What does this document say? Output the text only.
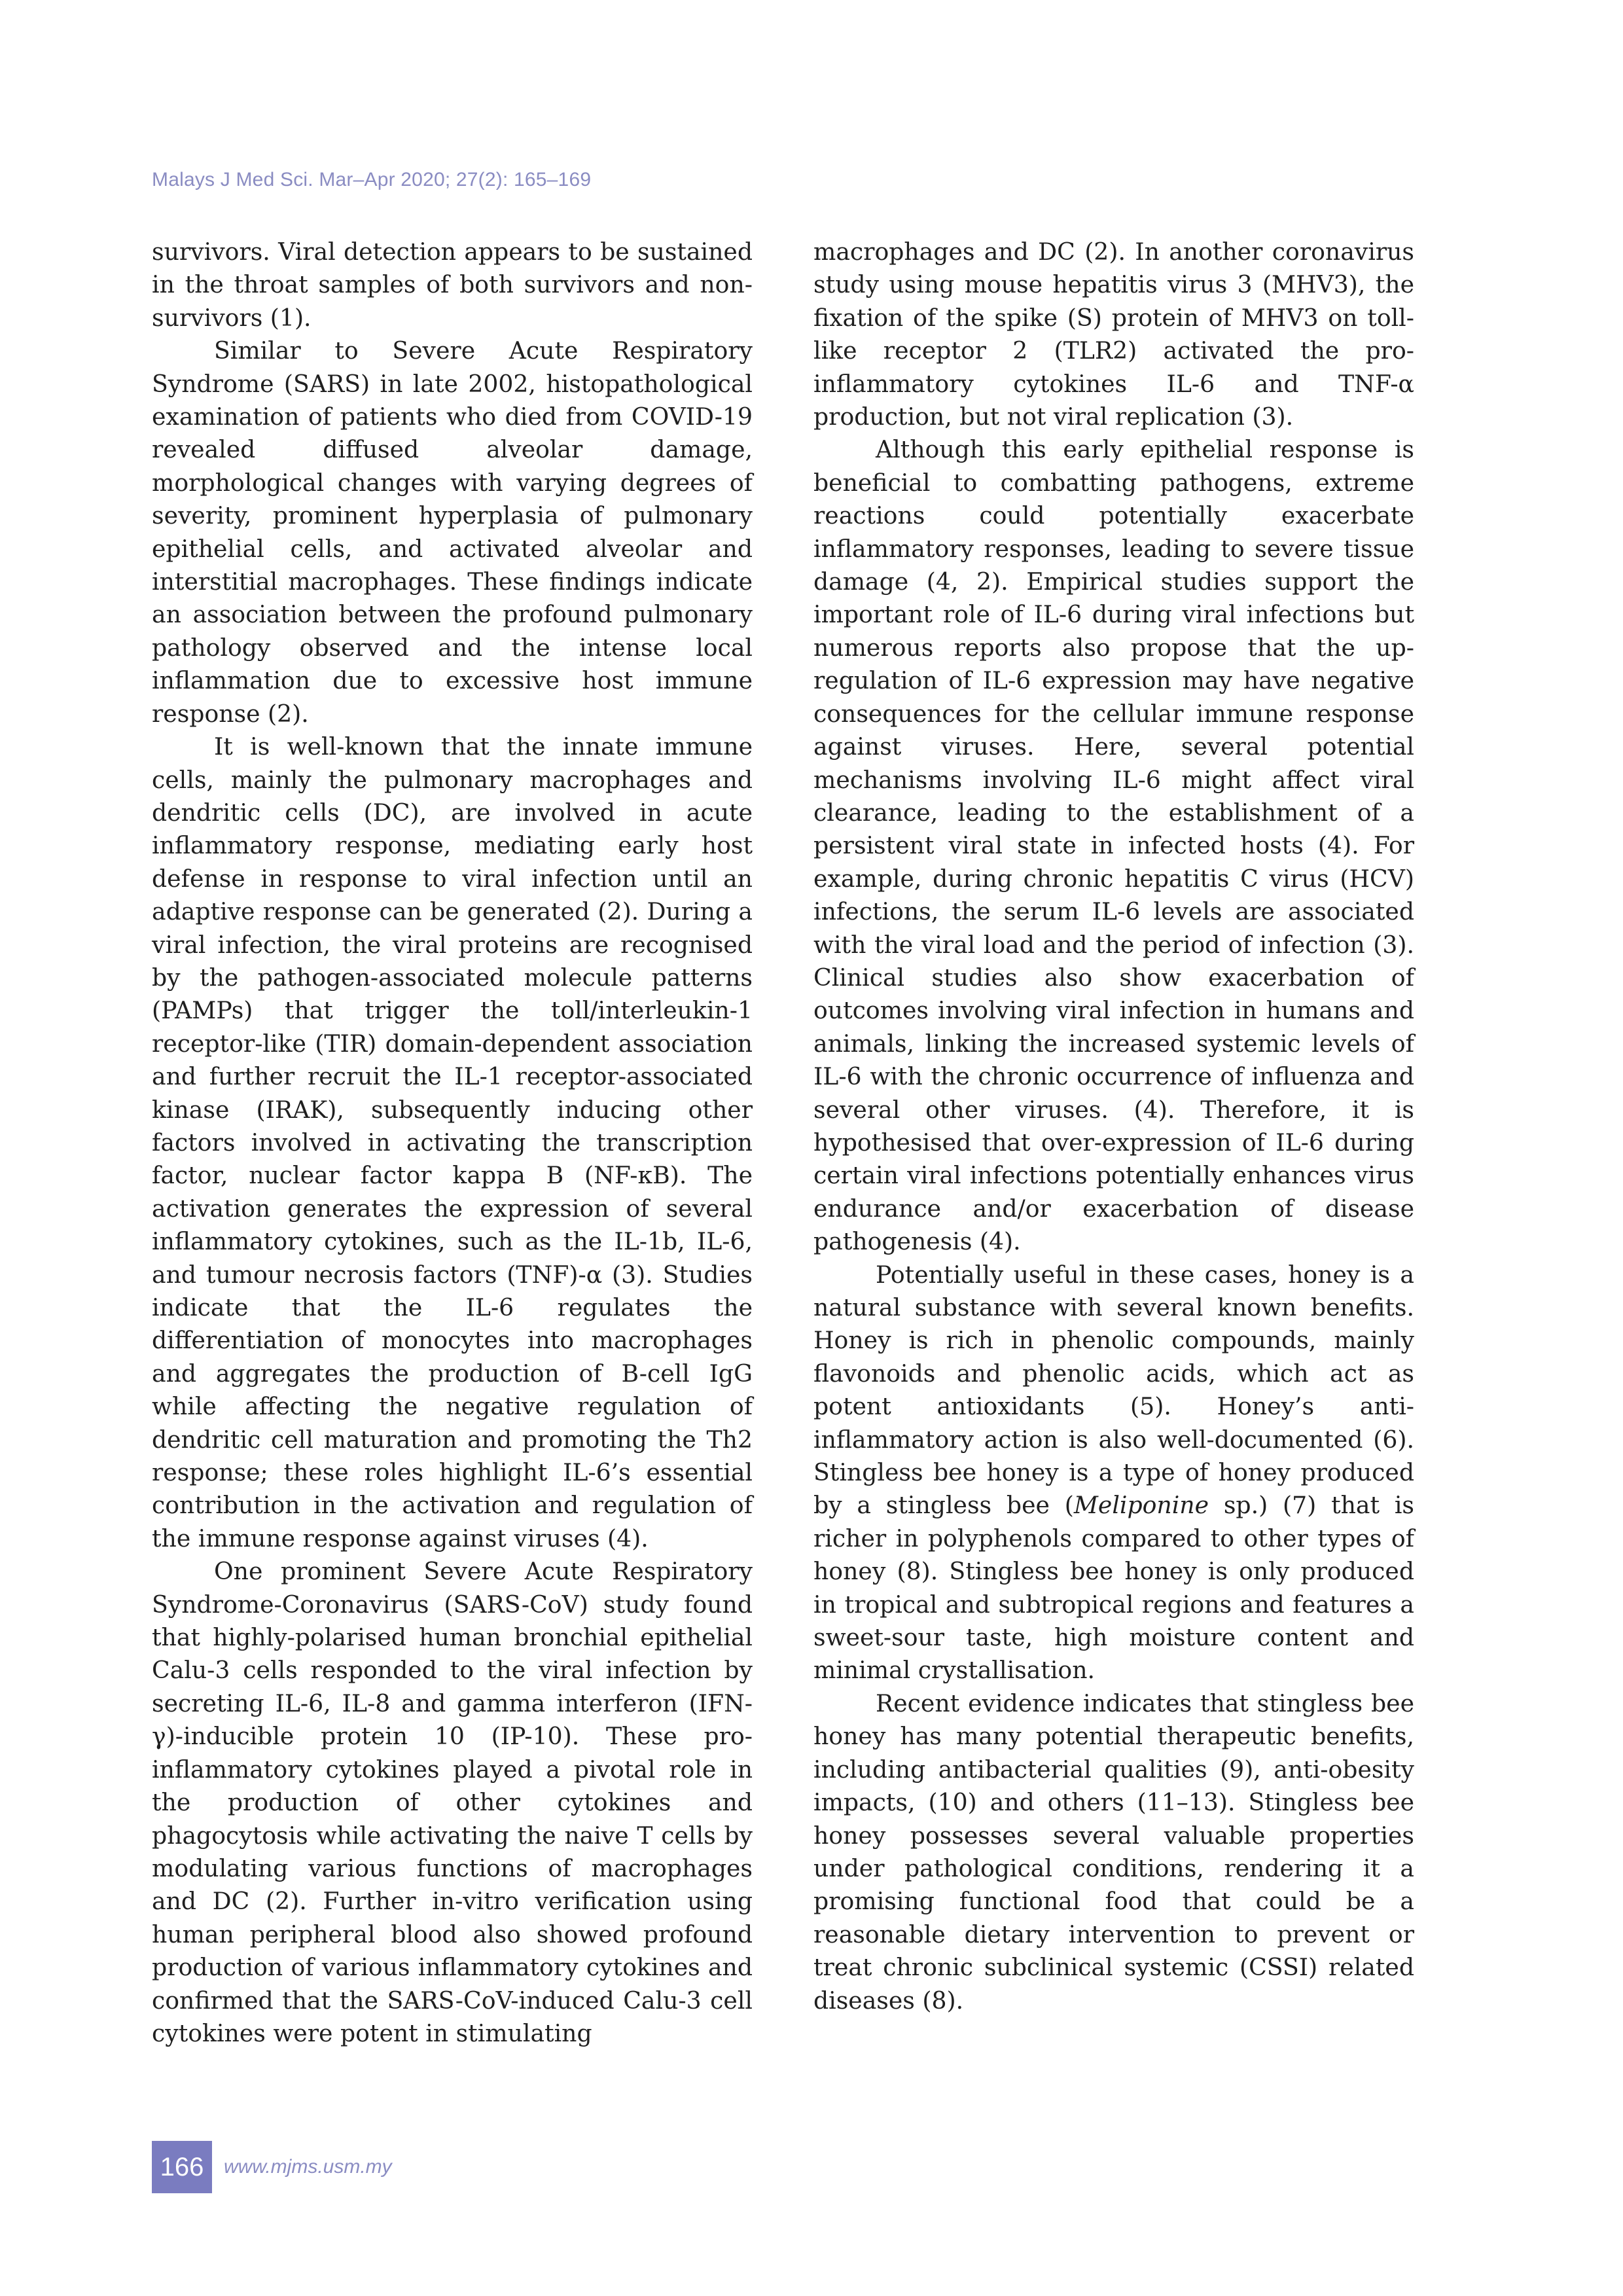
Malays J Med Sci. Mar–Apr 2020; 27(2): 165–169

survivors. Viral detection appears to be sustained in the throat samples of both survivors and non-survivors (1).

Similar to Severe Acute Respiratory Syndrome (SARS) in late 2002, histopathological examination of patients who died from COVID-19 revealed diffused alveolar damage, morphological changes with varying degrees of severity, prominent hyperplasia of pulmonary epithelial cells, and activated alveolar and interstitial macrophages. These findings indicate an association between the profound pulmonary pathology observed and the intense local inflammation due to excessive host immune response (2).

It is well-known that the innate immune cells, mainly the pulmonary macrophages and dendritic cells (DC), are involved in acute inflammatory response, mediating early host defense in response to viral infection until an adaptive response can be generated (2). During a viral infection, the viral proteins are recognised by the pathogen-associated molecule patterns (PAMPs) that trigger the toll/interleukin-1 receptor-like (TIR) domain-dependent association and further recruit the IL-1 receptor-associated kinase (IRAK), subsequently inducing other factors involved in activating the transcription factor, nuclear factor kappa B (NF-κB). The activation generates the expression of several inflammatory cytokines, such as the IL-1b, IL-6, and tumour necrosis factors (TNF)-α (3). Studies indicate that the IL-6 regulates the differentiation of monocytes into macrophages and aggregates the production of B-cell IgG while affecting the negative regulation of dendritic cell maturation and promoting the Th2 response; these roles highlight IL-6’s essential contribution in the activation and regulation of the immune response against viruses (4).

One prominent Severe Acute Respiratory Syndrome-Coronavirus (SARS-CoV) study found that highly-polarised human bronchial epithelial Calu-3 cells responded to the viral infection by secreting IL-6, IL-8 and gamma interferon (IFN-γ)-inducible protein 10 (IP-10). These pro-inflammatory cytokines played a pivotal role in the production of other cytokines and phagocytosis while activating the naive T cells by modulating various functions of macrophages and DC (2). Further in-vitro verification using human peripheral blood also showed profound production of various inflammatory cytokines and confirmed that the SARS-CoV-induced Calu-3 cell cytokines were potent in stimulating

macrophages and DC (2). In another coronavirus study using mouse hepatitis virus 3 (MHV3), the fixation of the spike (S) protein of MHV3 on toll-like receptor 2 (TLR2) activated the pro-inflammatory cytokines IL-6 and TNF-α production, but not viral replication (3).

Although this early epithelial response is beneficial to combatting pathogens, extreme reactions could potentially exacerbate inflammatory responses, leading to severe tissue damage (4, 2). Empirical studies support the important role of IL-6 during viral infections but numerous reports also propose that the up-regulation of IL-6 expression may have negative consequences for the cellular immune response against viruses. Here, several potential mechanisms involving IL-6 might affect viral clearance, leading to the establishment of a persistent viral state in infected hosts (4). For example, during chronic hepatitis C virus (HCV) infections, the serum IL-6 levels are associated with the viral load and the period of infection (3). Clinical studies also show exacerbation of outcomes involving viral infection in humans and animals, linking the increased systemic levels of IL-6 with the chronic occurrence of influenza and several other viruses. (4). Therefore, it is hypothesised that over-expression of IL-6 during certain viral infections potentially enhances virus endurance and/or exacerbation of disease pathogenesis (4).

Potentially useful in these cases, honey is a natural substance with several known benefits. Honey is rich in phenolic compounds, mainly flavonoids and phenolic acids, which act as potent antioxidants (5). Honey’s anti-inflammatory action is also well-documented (6). Stingless bee honey is a type of honey produced by a stingless bee (Meliponine sp.) (7) that is richer in polyphenols compared to other types of honey (8). Stingless bee honey is only produced in tropical and subtropical regions and features a sweet-sour taste, high moisture content and minimal crystallisation.

Recent evidence indicates that stingless bee honey has many potential therapeutic benefits, including antibacterial qualities (9), anti-obesity impacts, (10) and others (11–13). Stingless bee honey possesses several valuable properties under pathological conditions, rendering it a promising functional food that could be a reasonable dietary intervention to prevent or treat chronic subclinical systemic (CSSI) related diseases (8).

166	www.mjms.usm.my
